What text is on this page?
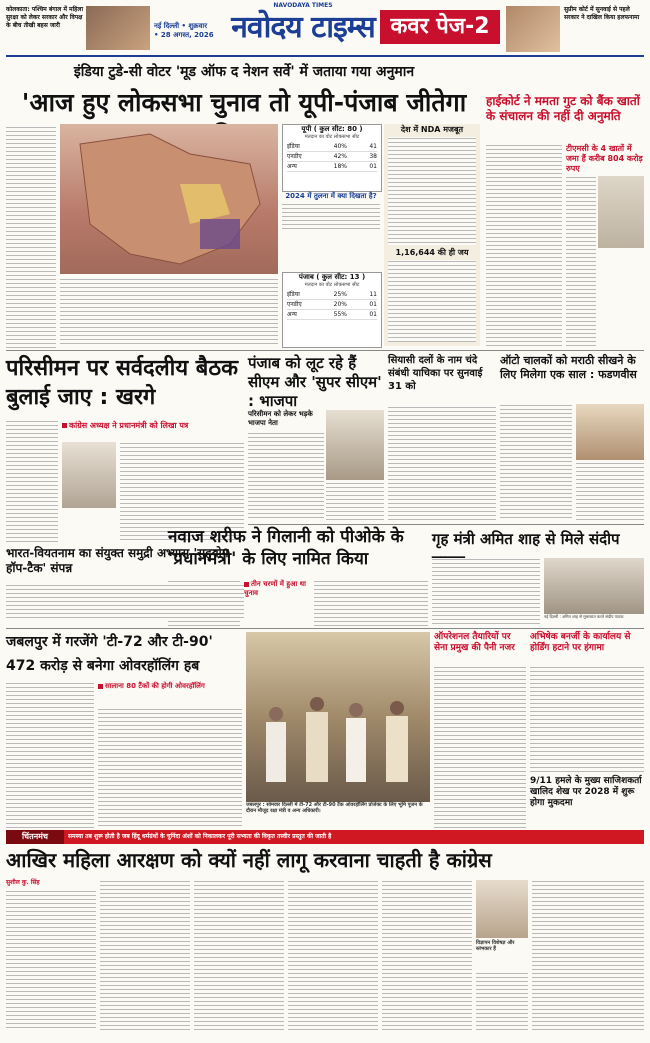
कोलकाता: पश्चिम बंगाल में महिला सुरक्षा को लेकर सरकार और विपक्ष के बीच तीखी बहस जारी	नई दिल्ली • शुक्रवार
• 28 अगस्त, 2026
NAVODAYA TIMES
नवोदय टाइम्स कवर पेज-2
सुप्रीम कोर्ट में सुनवाई से पहले सरकार ने दाखिल किया हलफनामा
इंडिया टुडे-सी वोटर 'मूड ऑफ द नेशन सर्वे' में जताया गया अनुमान
'आज हुए लोकसभा चुनाव तो यूपी-पंजाब जीतेगा
यूपी ( कुल सीट: 80 )
मतदान का वोट लोकसभा सीट
इंडिया	40%	41
एनडीए	42%	38
अन्य	18%	01
2024 में तुलना में क्या दिखता है?
देश में NDA मजबूत
1,16,644 की ही जय
पंजाब ( कुल सीट: 13 )
मतदान का वोट लोकसभा सीट
इंडिया	25%	11
एनडीए	20%	01
अन्य	55%	01
हाईकोर्ट ने ममता गुट को बैंक खातों के संचालन की नहीं दी अनुमति
टीएमसी के 4 खातों में जमा हैं करीब 804 करोड़ रुपए
परिसीमन पर सर्वदलीय बैठक बुलाई जाए : खरगे
कांग्रेस अध्यक्ष ने प्रधानमंत्री को लिखा पत्र
भारत-वियतनाम का संयुक्त समुद्री अभ्यास 'सहयोग हॉप-टैक' संपन्न
पंजाब को लूट रहे हैं सीएम और 'सुपर सीएम' : भाजपा
परिसीमन को लेकर भड़के भाजपा नेता
सियासी दलों के नाम चंदे संबंधी याचिका पर सुनवाई 31 को
ऑटो चालकों को मराठी सीखने के लिए मिलेगा एक साल : फडणवीस
नवाज शरीफ ने गिलानी को पीओके के 'प्रधानमंत्री' के लिए नामित किया
तीन चरणों में हुआ था चुनाव
गृह मंत्री अमित शाह से मिले संदीप
नई दिल्ली : अमित शाह से मुलाकात करते संदीप पाठक
जबलपुर में गरजेंगे 'टी-72 और टी-90'
472 करोड़ से बनेगा ओवरहॉलिंग हब
सालाना 80 टैंकों की होगी ओवरहॉलिंग
जबलपुर : सोमवार दिल्ली में टी-72 और टी-90 टैंक ओवरहॉलिंग प्रोजेक्ट के लिए भूमि पूजन के दौरान मौजूद रक्षा मंत्री व अन्य अधिकारी।
ऑपरेशनल तैयारियों पर सेना प्रमुख की पैनी नजर
अभिषेक बनर्जी के कार्यालय से होर्डिंग हटाने पर हंगामा
9/11 हमले के मुख्य साजिशकर्ता खालिद शेख पर 2028 में शुरू होगा मुकदमा
चिंतनमंच	समस्या तब शुरू होती है जब हिंदू धर्मग्रंथों के चुनिंदा अंशों को निकालकर पूरी सभ्यता की विकृत तस्वीर प्रस्तुत की जाती है
आखिर महिला आरक्षण को क्यों नहीं लागू करवाना चाहती है कांग्रेस
सुशील कु. सिंह
विज्ञापन विशेषज्ञ और स्तंभकार हैं
